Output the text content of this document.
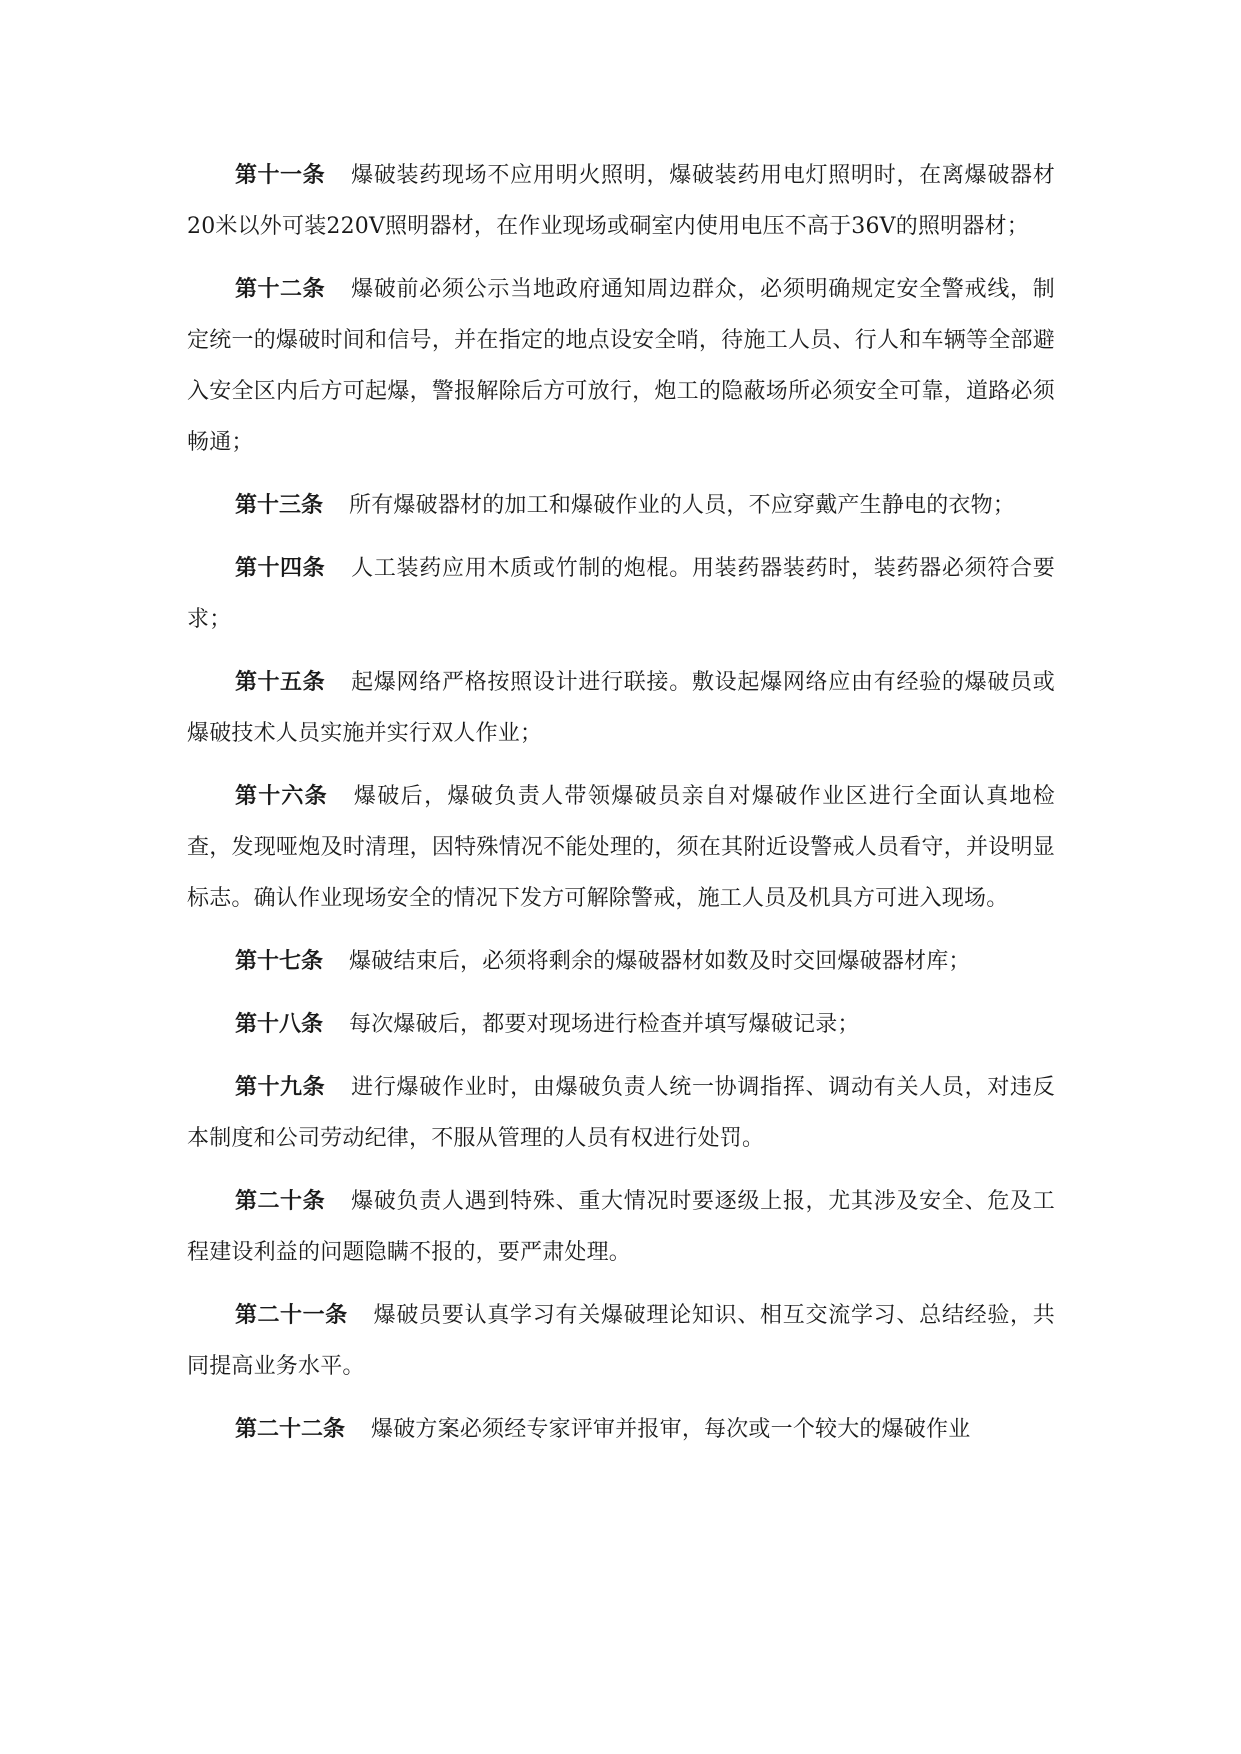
第十一条 爆破装药现场不应用明火照明，爆破装药用电灯照明时，在离爆破器材20米以外可装220V照明器材，在作业现场或硐室内使用电压不高于36V的照明器材；

第十二条 爆破前必须公示当地政府通知周边群众，必须明确规定安全警戒线，制定统一的爆破时间和信号，并在指定的地点设安全哨，待施工人员、行人和车辆等全部避入安全区内后方可起爆，警报解除后方可放行，炮工的隐蔽场所必须安全可靠，道路必须畅通；

第十三条 所有爆破器材的加工和爆破作业的人员，不应穿戴产生静电的衣物；

第十四条 人工装药应用木质或竹制的炮棍。用装药器装药时，装药器必须符合要求；

第十五条 起爆网络严格按照设计进行联接。敷设起爆网络应由有经验的爆破员或爆破技术人员实施并实行双人作业；

第十六条 爆破后，爆破负责人带领爆破员亲自对爆破作业区进行全面认真地检查，发现哑炮及时清理，因特殊情况不能处理的，须在其附近设警戒人员看守，并设明显标志。确认作业现场安全的情况下发方可解除警戒，施工人员及机具方可进入现场。

第十七条 爆破结束后，必须将剩余的爆破器材如数及时交回爆破器材库；

第十八条 每次爆破后，都要对现场进行检查并填写爆破记录；

第十九条 进行爆破作业时，由爆破负责人统一协调指挥、调动有关人员，对违反本制度和公司劳动纪律，不服从管理的人员有权进行处罚。

第二十条 爆破负责人遇到特殊、重大情况时要逐级上报，尤其涉及安全、危及工程建设利益的问题隐瞒不报的，要严肃处理。

第二十一条 爆破员要认真学习有关爆破理论知识、相互交流学习、总结经验，共同提高业务水平。

第二十二条 爆破方案必须经专家评审并报审，每次或一个较大的爆破作业
